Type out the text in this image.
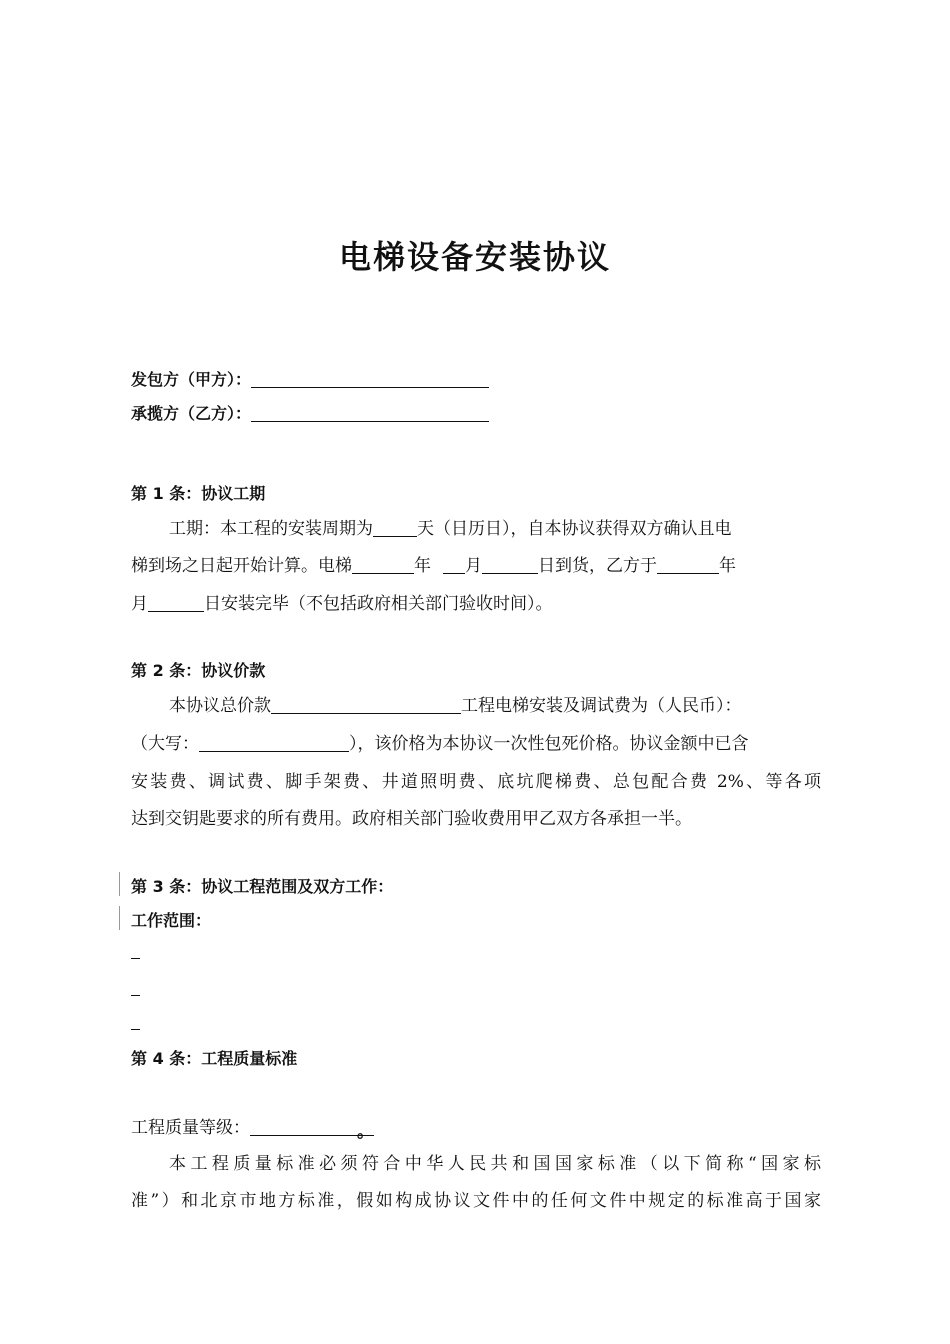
电梯设备安装协议
发包方（甲方）：
承揽方（乙方）：
第 1 条：协议工期
工期：本工程的安装周期为	天（日历日），自本协议获得双方确认且电
梯到场之日起开始计算。电梯	年 月	日到货，乙方于	年
月	日安装完毕（不包括政府相关部门验收时间）。
第 2 条：协议价款
本协议总价款	工程电梯安装及调试费为（人民币）：
（大写：	），该价格为本协议一次性包死价格。协议金额中已含
安装费、调试费、脚手架费、井道照明费、底坑爬梯费、总包配合费 2%、等各项
达到交钥匙要求的所有费用。政府相关部门验收费用甲乙双方各承担一半。
第 3 条：协议工程范围及双方工作：
工作范围：
第 4 条：工程质量标准
工程质量等级：	。
本工程质量标准必须符合中华人民共和国国家标准（以下简称“国家标
准”）和北京市地方标准，假如构成协议文件中的任何文件中规定的标准高于国家
